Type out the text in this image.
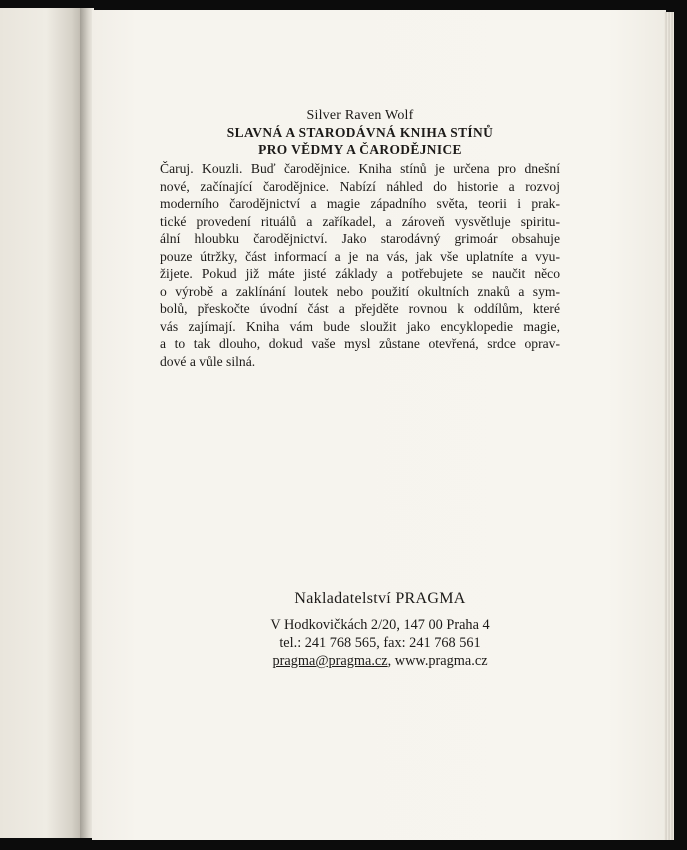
Silver Raven Wolf
SLAVNÁ A STARODÁVNÁ KNIHA STÍNŮ
PRO VĚDMY A ČARODĚJNICE
Čaruj. Kouzli. Buď čarodějnice. Kniha stínů je určena pro dnešní
nové, začínající čarodějnice. Nabízí náhled do historie a rozvoj
moderního čarodějnictví a magie západního světa, teorii i prak-
tické provedení rituálů a zaříkadel, a zároveň vysvětluje spiritu-
ální hloubku čarodějnictví. Jako starodávný grimoár obsahuje
pouze útržky, část informací a je na vás, jak vše uplatníte a vyu-
žijete. Pokud již máte jisté základy a potřebujete se naučit něco
o výrobě a zaklínání loutek nebo použití okultních znaků a sym-
bolů, přeskočte úvodní část a přejděte rovnou k oddílům, které
vás zajímají. Kniha vám bude sloužit jako encyklopedie magie,
a to tak dlouho, dokud vaše mysl zůstane otevřená, srdce oprav-
dové a vůle silná.
Nakladatelství PRAGMA
V Hodkovičkách 2/20, 147 00 Praha 4
tel.: 241 768 565, fax: 241 768 561
pragma@pragma.cz, www.pragma.cz
